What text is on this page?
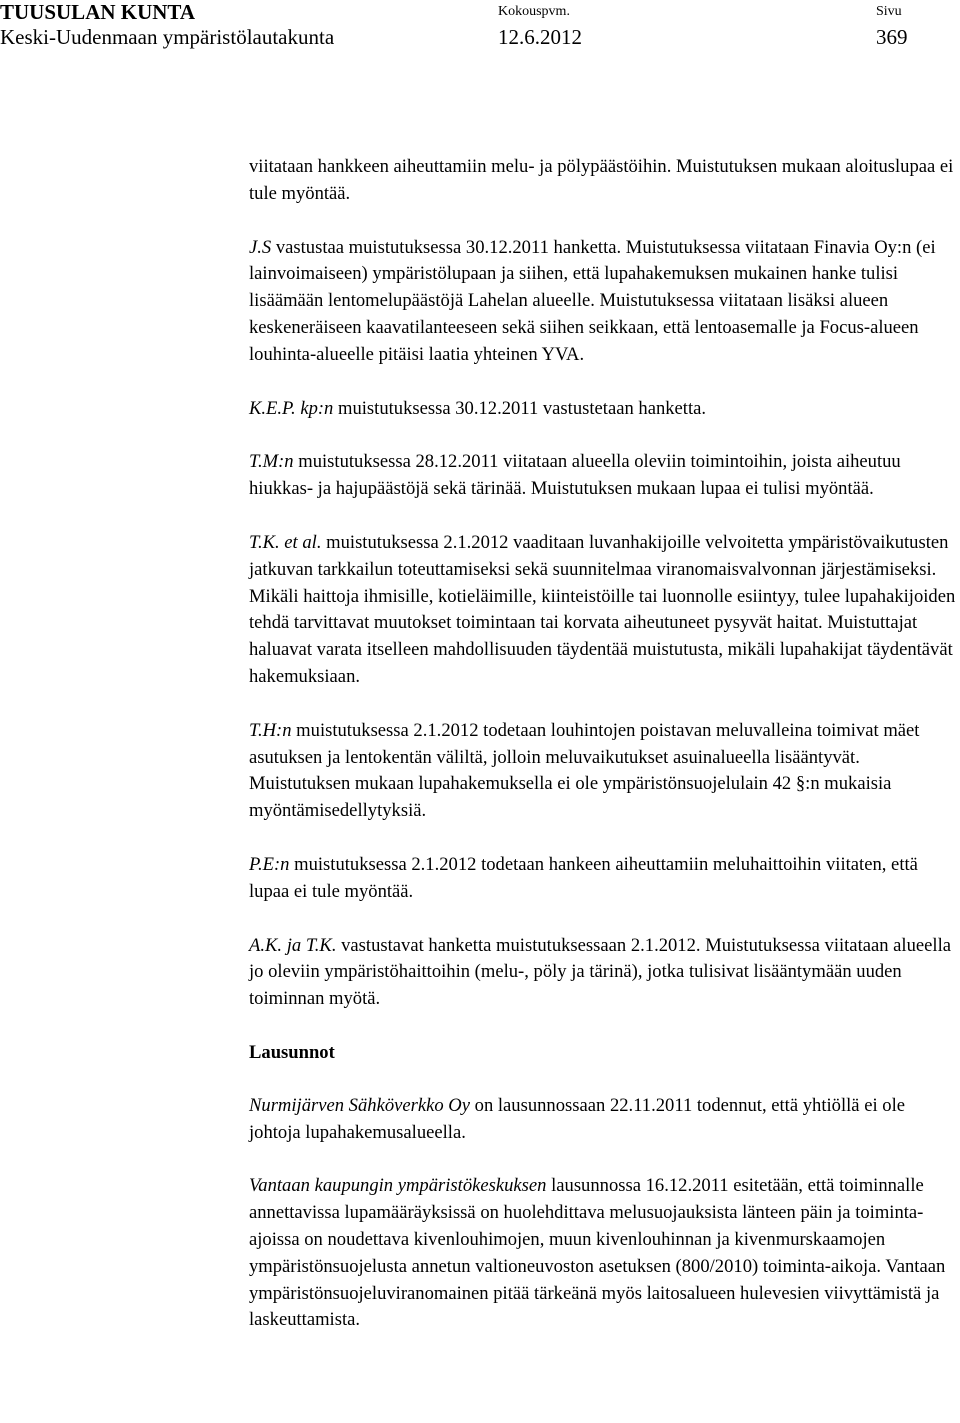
TUUSULAN KUNTA
Keski-Uudenmaan ympäristölautakunta
Kokouspvm.
12.6.2012
Sivu
369

viitataan hankkeen aiheuttamiin melu- ja pölypäästöihin. Muistutuksen mukaan aloituslupaa ei tule myöntää.

J.S vastustaa muistutuksessa 30.12.2011 hanketta. Muistutuksessa viitataan Finavia Oy:n (ei lainvoimaiseen) ympäristölupaan ja siihen, että lupahakemuksen mukainen hanke tulisi lisäämään lentomelupäästöjä Lahelan alueelle. Muistutuksessa viitataan lisäksi alueen keskeneräiseen kaavatilanteeseen sekä siihen seikkaan, että lentoasemalle ja Focus-alueen louhinta-alueelle pitäisi laatia yhteinen YVA.

K.E.P. kp:n muistutuksessa 30.12.2011 vastustetaan hanketta.

T.M:n muistutuksessa 28.12.2011 viitataan alueella oleviin toimintoihin, joista aiheutuu hiukkas- ja hajupäästöjä sekä tärinää. Muistutuksen mukaan lupaa ei tulisi myöntää.

T.K. et al. muistutuksessa 2.1.2012 vaaditaan luvanhakijoille velvoitetta ympäristövaikutusten jatkuvan tarkkailun toteuttamiseksi sekä suunnitelmaa viranomaisvalvonnan järjestämiseksi. Mikäli haittoja ihmisille, kotieläimille, kiinteistöille tai luonnolle esiintyy, tulee lupahakijoiden tehdä tarvittavat muutokset toimintaan tai korvata aiheutuneet pysyvät haitat. Muistuttajat haluavat varata itselleen mahdollisuuden täydentää muistutusta, mikäli lupahakijat täydentävät hakemuksiaan.

T.H:n muistutuksessa 2.1.2012 todetaan louhintojen poistavan meluvalleina toimivat mäet asutuksen ja lentokentän väliltä, jolloin meluvaikutukset asuinalueella lisääntyvät. Muistutuksen mukaan lupahakemuksella ei ole ympäristönsuojelulain 42 §:n mukaisia myöntämisedellytyksiä.

P.E:n muistutuksessa 2.1.2012 todetaan hankeen aiheuttamiin meluhaittoihin viitaten, että lupaa ei tule myöntää.

A.K. ja T.K. vastustavat hanketta muistutuksessaan 2.1.2012. Muistutuksessa viitataan alueella jo oleviin ympäristöhaittoihin (melu-, pöly ja tärinä), jotka tulisivat lisääntymään uuden toiminnan myötä.

Lausunnot

Nurmijärven Sähköverkko Oy on lausunnossaan 22.11.2011 todennut, että yhtiöllä ei ole johtoja lupahakemusalueella.

Vantaan kaupungin ympäristökeskuksen lausunnossa 16.12.2011 esitetään, että toiminnalle annettavissa lupamääräyksissä on huolehdittava melusuojauksista länteen päin ja toiminta-ajoissa on noudettava kivenlouhimojen, muun kivenlouhinnan ja kivenmurskaamojen ympäristönsuojelusta annetun valtioneuvoston asetuksen (800/2010) toiminta-aikoja. Vantaan ympäristönsuojeluviranomainen pitää tärkeänä myös laitosalueen hulevesien viivyttämistä ja laskeuttamista.
